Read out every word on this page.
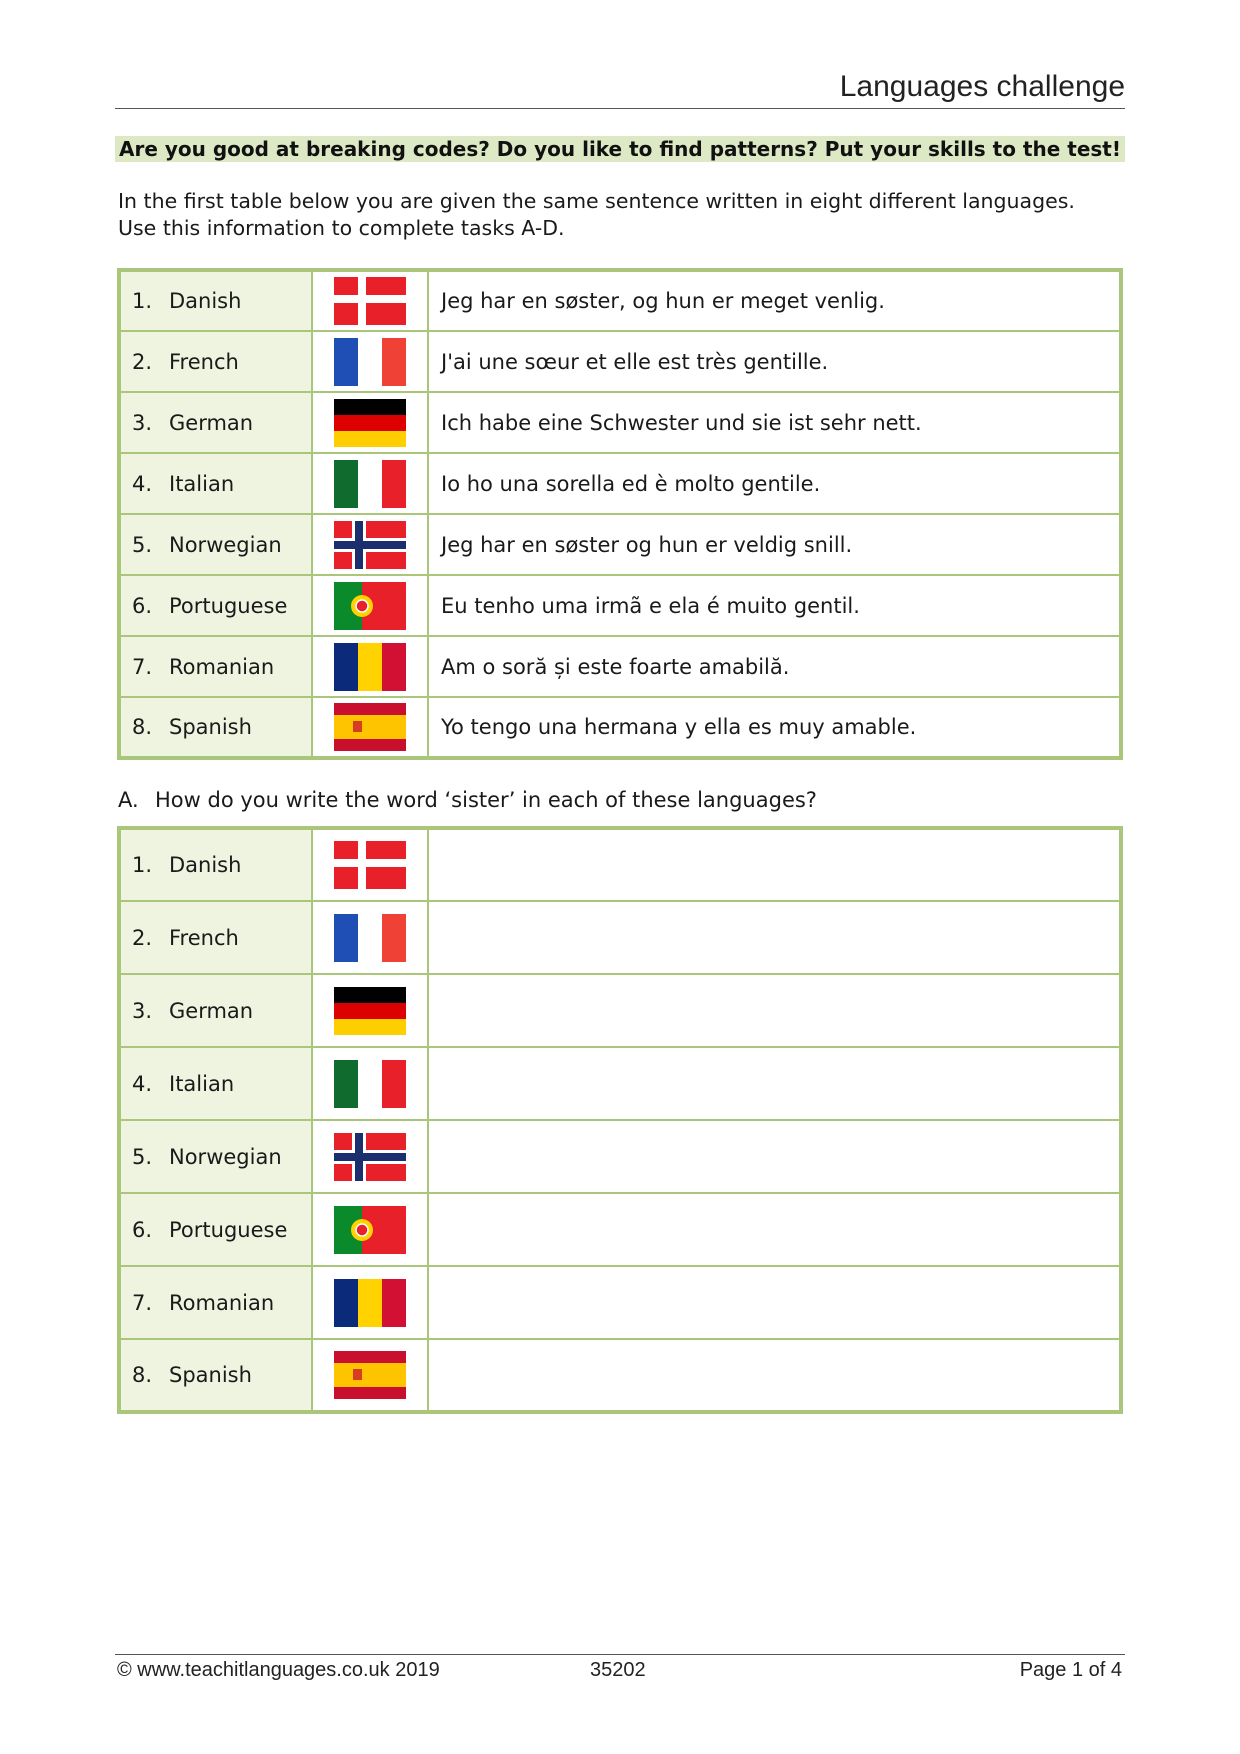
Languages challenge
Are you good at breaking codes? Do you like to find patterns? Put your skills to the test!
In the first table below you are given the same sentence written in eight different languages.
Use this information to complete tasks A-D.
1. Danish		Jeg har en søster, og hun er meget venlig.
2. French		J'ai une sœur et elle est très gentille.
3. German		Ich habe eine Schwester und sie ist sehr nett.
4. Italian		Io ho una sorella ed è molto gentile.
5. Norwegian		Jeg har en søster og hun er veldig snill.
6. Portuguese		Eu tenho uma irmã e ela é muito gentil.
7. Romanian		Am o soră și este foarte amabilă.
8. Spanish		Yo tengo una hermana y ella es muy amable.
A. How do you write the word ‘sister’ in each of these languages?
1. Danish		
2. French		
3. German		
4. Italian		
5. Norwegian		
6. Portuguese		
7. Romanian		
8. Spanish		
© www.teachitlanguages.co.uk 2019	35202	Page 1 of 4
